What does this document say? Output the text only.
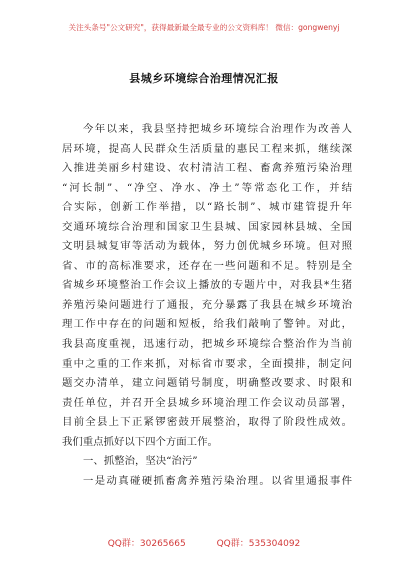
关注头条号"公文研究"，获得最新最全最专业的公文资料库！ 微信：gongwenyj
县城乡环境综合治理情况汇报
今年以来，我县坚持把城乡环境综合治理作为改善人
居环境，提高人民群众生活质量的惠民工程来抓，继续深
入推进美丽乡村建设、农村清洁工程、畜禽养殖污染治理
“河长制”、“净空、净水、净土”等常态化工作，并结
合实际，创新工作举措，以“路长制”、城市建管提升年
交通环境综合治理和国家卫生县城、国家园林县城、全国
文明县城复审等活动为载体，努力创优城乡环境。但对照
省、市的高标准要求，还存在一些问题和不足。特别是全
省城乡环境整治工作会议上播放的专题片中，对我县*生猪
养殖污染问题进行了通报，充分暴露了我县在城乡环境治
理工作中存在的问题和短板，给我们敲响了警钟。对此，
我县高度重视，迅速行动，把城乡环境综合整治作为当前
重中之重的工作来抓，对标省市要求，全面摸排，制定问
题交办清单，建立问题销号制度，明确整改要求、时限和
责任单位，并召开全县城乡环境治理工作会议动员部署，
目前全县上下正紧锣密鼓开展整治，取得了阶段性成效。
我们重点抓好以下四个方面工作。
一、抓整治，坚决“治污”
一是动真碰硬抓畜禽养殖污染治理。以省里通报事件
QQ群：30265665	QQ群：535304092
